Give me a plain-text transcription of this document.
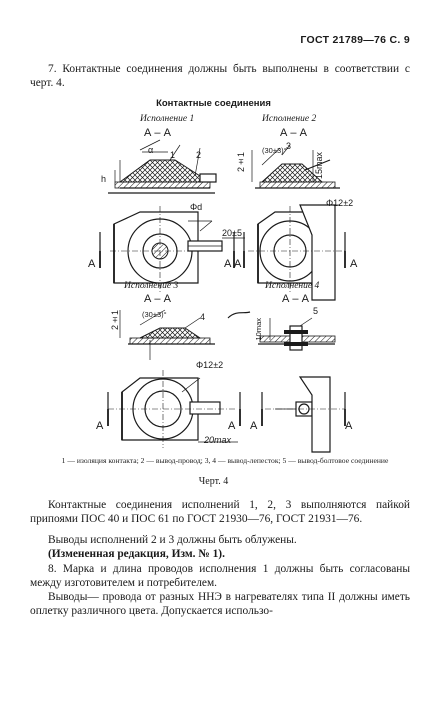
ГОСТ 21789—76 С. 9
7. Контактные соединения должны быть выполнены в соответствии с черт. 4.
Контактные соединения
Исполнение 1	Исполнение 2
Исполнение 3	Исполнение 4
А – А	А – А
А – А	А – А
1 2
3
4
5
h
α
Φd
20±5
(30±3)°
2±1	15max
Φ12±2
(30±3)°
2±1	10max
Φ12±2
20max
А	А А	А
А	А А	А
1 — изоляция контакта; 2 — вывод-провод; 3, 4 — вывод-лепесток; 5 — вывод-болтовое соединение
Черт. 4
Контактные соединения исполнений 1, 2, 3 выполняются пайкой припоями ПОС 40 и ПОС 61 по ГОСТ 21930—76, ГОСТ 21931—76.
Выводы исполнений 2 и 3 должны быть облужены.
(Измененная редакция, Изм. № 1).
8. Марка и длина проводов исполнения 1 должны быть согласованы между изготовителем и потребителем.
Выводы— провода от разных ННЭ в нагревателях типа II должны иметь оплетку различного цвета. Допускается использо-
